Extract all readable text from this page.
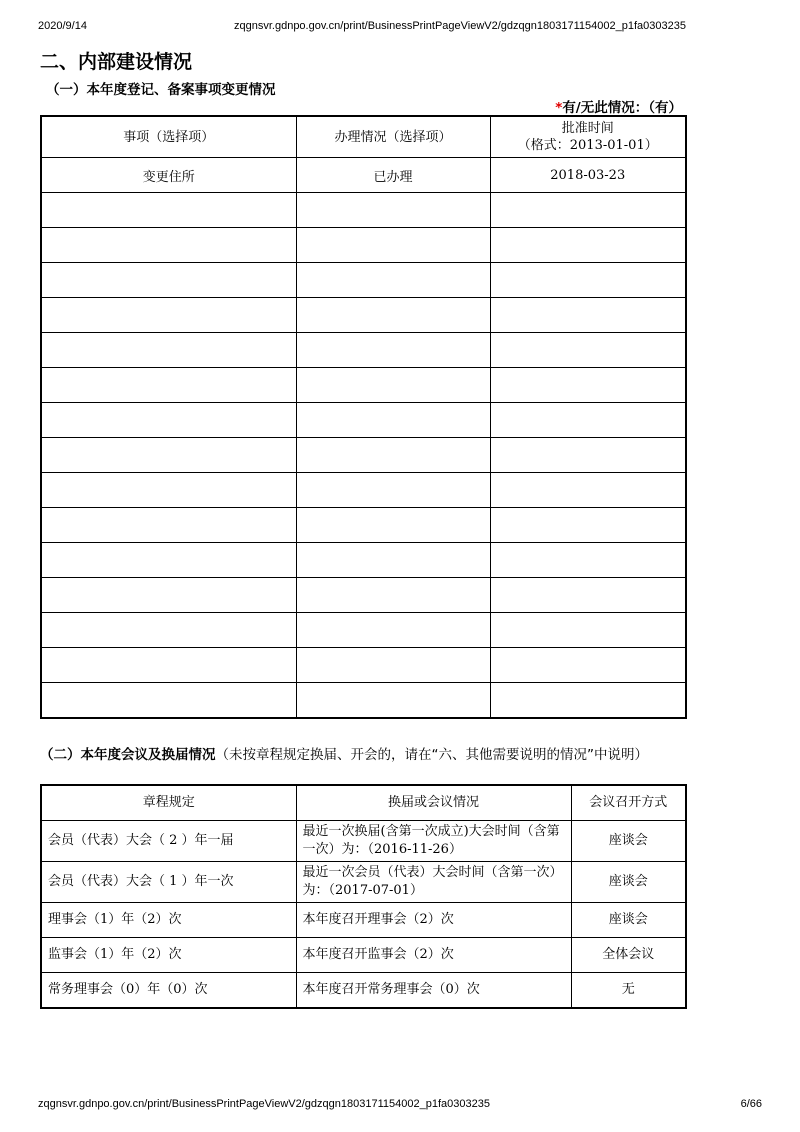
2020/9/14	zqgnsvr.gdnpo.gov.cn/print/BusinessPrintPageViewV2/gdzqgn1803171154002_p1fa0303235
二、内部建设情况
（一）本年度登记、备案事项变更情况
*有/无此情况：（有）
事项（选择项）	办理情况（选择项）	批准时间
（格式：2013-01-01）

变更住所	已办理	2018-03-23

（二）本年度会议及换届情况（未按章程规定换届、开会的，请在“六、其他需要说明的情况”中说明）
章程规定	换届或会议情况	会议召开方式
会员（代表）大会（ 2 ）年一届	最近一次换届(含第一次成立)大会时间（含第一次）为：（2016-11-26）	座谈会
会员（代表）大会（ 1 ）年一次	最近一次会员（代表）大会时间（含第一次）为：（2017-07-01）	座谈会
理事会（1）年（2）次	本年度召开理事会（2）次	座谈会
监事会（1）年（2）次	本年度召开监事会（2）次	全体会议
常务理事会（0）年（0）次	本年度召开常务理事会（0）次	无
zqgnsvr.gdnpo.gov.cn/print/BusinessPrintPageViewV2/gdzqgn1803171154002_p1fa0303235	6/66
